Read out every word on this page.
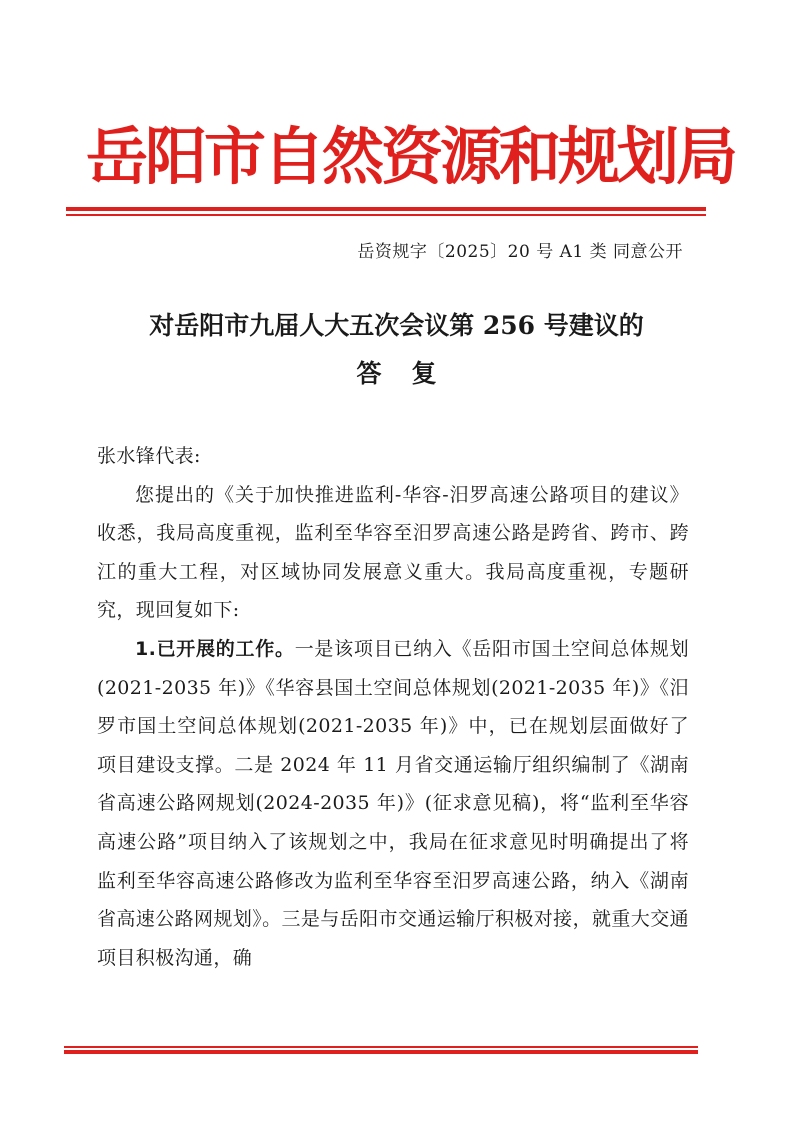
岳阳市自然资源和规划局
岳资规字〔2025〕20 号 A1 类 同意公开
对岳阳市九届人大五次会议第 256 号建议的
答复

张水锋代表:

您提出的《关于加快推进监利-华容-汨罗高速公路项目的建议》收悉，我局高度重视，监利至华容至汨罗高速公路是跨省、跨市、跨江的重大工程，对区域协同发展意义重大。我局高度重视，专题研究，现回复如下:

1.已开展的工作。一是该项目已纳入《岳阳市国土空间总体规划(2021-2035 年)》《华容县国土空间总体规划(2021-2035 年)》《汨罗市国土空间总体规划(2021-2035 年)》中，已在规划层面做好了项目建设支撑。二是 2024 年 11 月省交通运输厅组织编制了《湖南省高速公路网规划(2024-2035 年)》(征求意见稿)，将“监利至华容高速公路”项目纳入了该规划之中，我局在征求意见时明确提出了将监利至华容高速公路修改为监利至华容至汨罗高速公路，纳入《湖南省高速公路网规划》。三是与岳阳市交通运输厅积极对接，就重大交通项目积极沟通，确
